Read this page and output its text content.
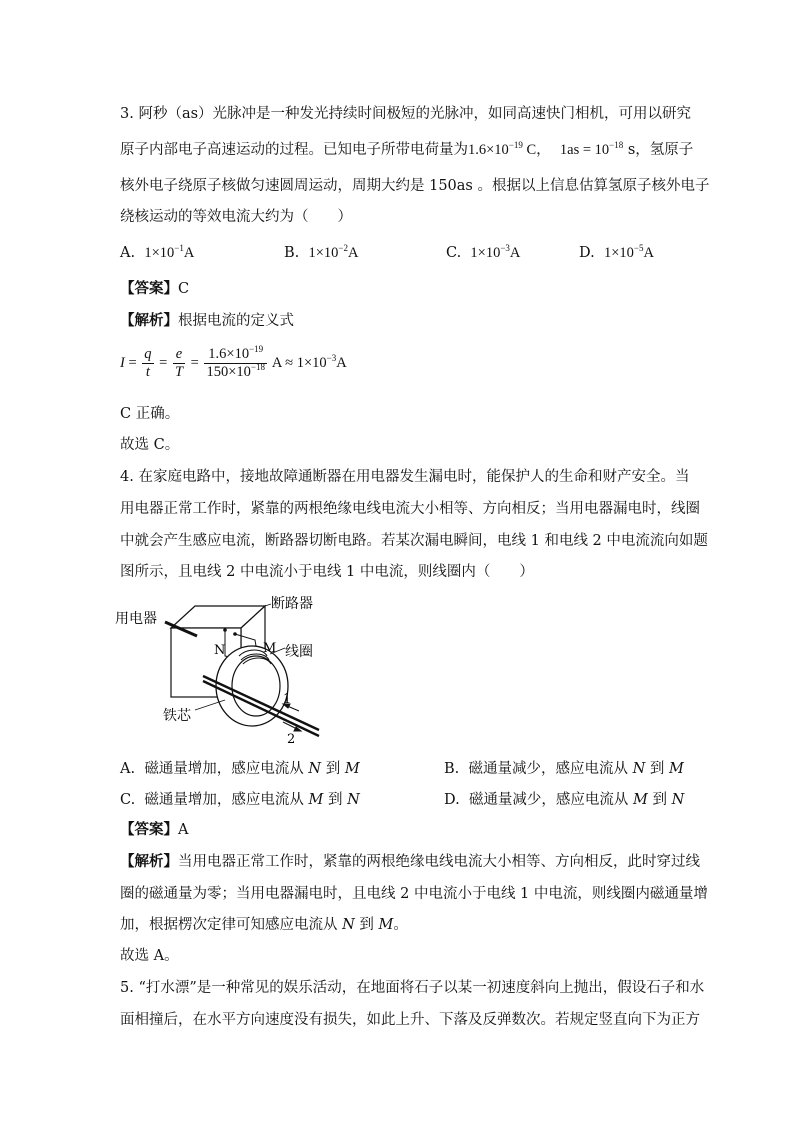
3. 阿秒（as）光脉冲是一种发光持续时间极短的光脉冲，如同高速快门相机，可用以研究
原子内部电子高速运动的过程。已知电子所带电荷量为$1.6\times 10^{-19}$ C， $1as = 10^{-18}$ s，氢原子
核外电子绕原子核做匀速圆周运动，周期大约是 150as 。根据以上信息估算氢原子核外电子
绕核运动的等效电流大约为（　　）
A. $1\times 10^{-1}A$	B. $1\times 10^{-2}A$	C. $1\times 10^{-3}A$	D. $1\times 10^{-5}A$
【答案】C
【解析】根据电流的定义式
$I = \frac{q}{t} = \frac{e}{T} = \frac{1.6\times 10^{-19}}{150\times 10^{-18}}$ $A \approx 1\times 10^{-3}A$
C 正确。
故选 C。
4. 在家庭电路中，接地故障通断器在用电器发生漏电时，能保护人的生命和财产安全。当
用电器正常工作时，紧靠的两根绝缘电线电流大小相等、方向相反；当用电器漏电时，线圈
中就会产生感应电流，断路器切断电路。若某次漏电瞬间，电线 1 和电线 2 中电流流向如题
图所示，且电线 2 中电流小于电线 1 中电流，则线圈内（　　）
用电器
断路器
线圈
铁芯
N	M
1
2
A. 磁通量增加，感应电流从 N 到 M	B. 磁通量减少，感应电流从 N 到 M
C. 磁通量增加，感应电流从 M 到 N	D. 磁通量减少，感应电流从 M 到 N
【答案】A
【解析】当用电器正常工作时，紧靠的两根绝缘电线电流大小相等、方向相反，此时穿过线
圈的磁通量为零；当用电器漏电时，且电线 2 中电流小于电线 1 中电流，则线圈内磁通量增
加，根据楞次定律可知感应电流从 N 到 M。
故选 A。
5. “打水漂”是一种常见的娱乐活动，在地面将石子以某一初速度斜向上抛出，假设石子和水
面相撞后，在水平方向速度没有损失，如此上升、下落及反弹数次。若规定竖直向下为正方
